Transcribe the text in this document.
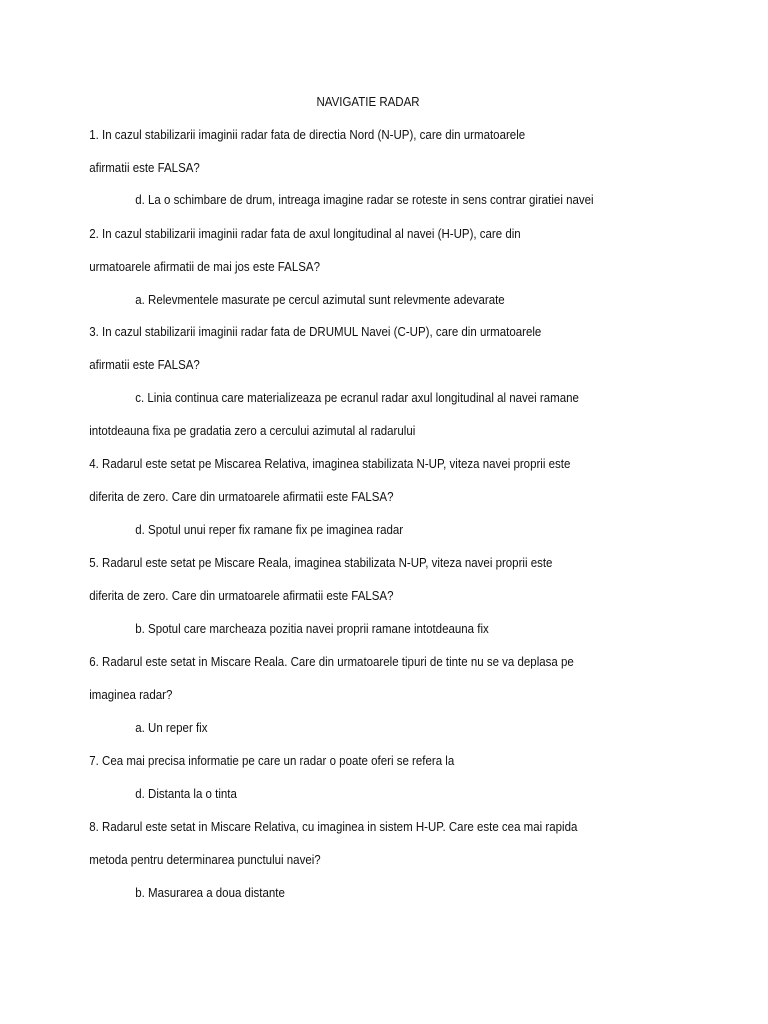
NAVIGATIE RADAR
1. In cazul stabilizarii imaginii radar fata de directia Nord (N-UP), care din urmatoarele
afirmatii este FALSA?
d. La o schimbare de drum, intreaga imagine radar se roteste in sens contrar giratiei navei
2. In cazul stabilizarii imaginii radar fata de axul longitudinal al navei (H-UP), care din
urmatoarele afirmatii de mai jos este FALSA?
a. Relevmentele masurate pe cercul azimutal sunt relevmente adevarate
3. In cazul stabilizarii imaginii radar fata de DRUMUL Navei (C-UP), care din urmatoarele
afirmatii este FALSA?
c. Linia continua care materializeaza pe ecranul radar axul longitudinal al navei ramane
intotdeauna fixa pe gradatia zero a cercului azimutal al radarului
4. Radarul este setat pe Miscarea Relativa, imaginea stabilizata N-UP, viteza navei proprii este
diferita de zero. Care din urmatoarele afirmatii este FALSA?
d. Spotul unui reper fix ramane fix pe imaginea radar
5. Radarul este setat pe Miscare Reala, imaginea stabilizata N-UP, viteza navei proprii este
diferita de zero. Care din urmatoarele afirmatii este FALSA?
b. Spotul care marcheaza pozitia navei proprii ramane intotdeauna fix
6. Radarul este setat in Miscare Reala. Care din urmatoarele tipuri de tinte nu se va deplasa pe
imaginea radar?
a. Un reper fix
7. Cea mai precisa informatie pe care un radar o poate oferi se refera la
d. Distanta la o tinta
8. Radarul este setat in Miscare Relativa, cu imaginea in sistem H-UP. Care este cea mai rapida
metoda pentru determinarea punctului navei?
b. Masurarea a doua distante
